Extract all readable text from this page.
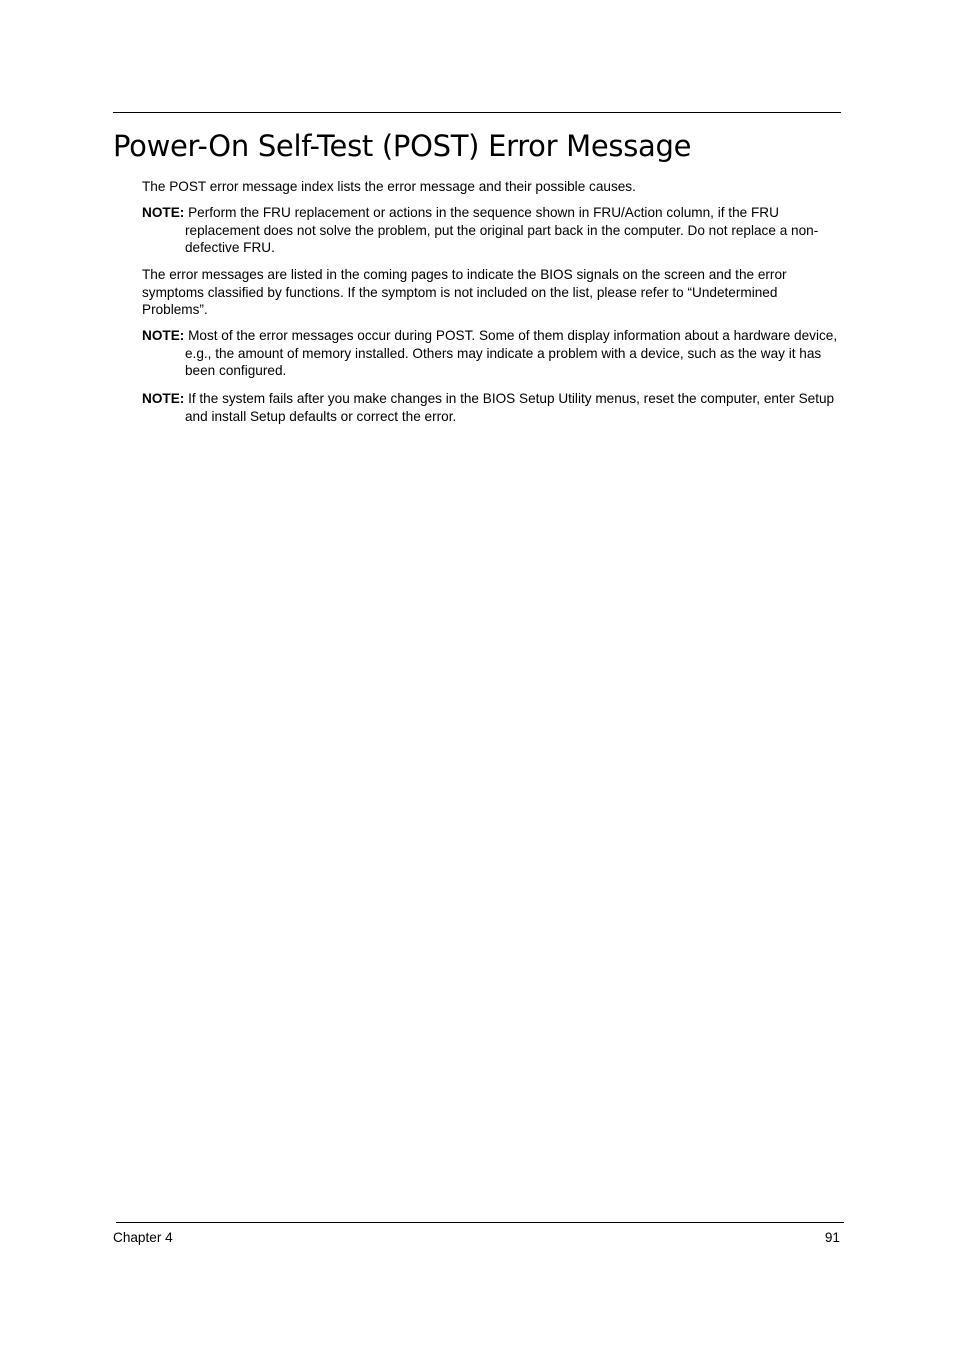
Power-On Self-Test (POST) Error Message

The POST error message index lists the error message and their possible causes.

NOTE: Perform the FRU replacement or actions in the sequence shown in FRU/Action column, if the FRU replacement does not solve the problem, put the original part back in the computer. Do not replace a non-defective FRU.

The error messages are listed in the coming pages to indicate the BIOS signals on the screen and the error symptoms classified by functions. If the symptom is not included on the list, please refer to “Undetermined Problems”.

NOTE: Most of the error messages occur during POST. Some of them display information about a hardware device, e.g., the amount of memory installed. Others may indicate a problem with a device, such as the way it has been configured.

NOTE: If the system fails after you make changes in the BIOS Setup Utility menus, reset the computer, enter Setup and install Setup defaults or correct the error.

Chapter 4	91
